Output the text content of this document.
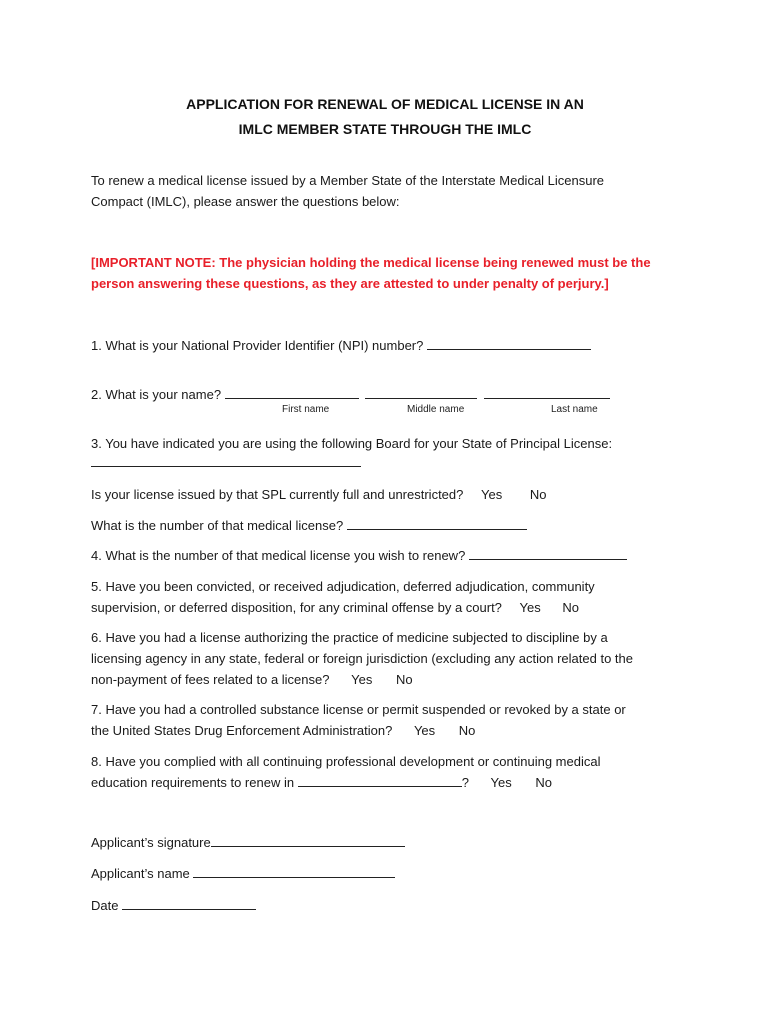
APPLICATION FOR RENEWAL OF MEDICAL LICENSE IN AN
IMLC MEMBER STATE THROUGH THE IMLC
To renew a medical license issued by a Member State of the Interstate Medical Licensure
Compact (IMLC), please answer the questions below:
[IMPORTANT NOTE: The physician holding the medical license being renewed must be the
person answering these questions, as they are attested to under penalty of perjury.]
1. What is your National Provider Identifier (NPI) number?
2. What is your name?
First name	Middle name	Last name
3. You have indicated you are using the following Board for your State of Principal License:
Is your license issued by that SPL currently full and unrestricted? Yes No
What is the number of that medical license?
4. What is the number of that medical license you wish to renew?
5. Have you been convicted, or received adjudication, deferred adjudication, community
supervision, or deferred disposition, for any criminal offense by a court? Yes No
6. Have you had a license authorizing the practice of medicine subjected to discipline by a
licensing agency in any state, federal or foreign jurisdiction (excluding any action related to the
non-payment of fees related to a license? Yes No
7. Have you had a controlled substance license or permit suspended or revoked by a state or
the United States Drug Enforcement Administration? Yes No
8. Have you complied with all continuing professional development or continuing medical
education requirements to renew in	? Yes No
Applicant’s signature
Applicant’s name
Date
